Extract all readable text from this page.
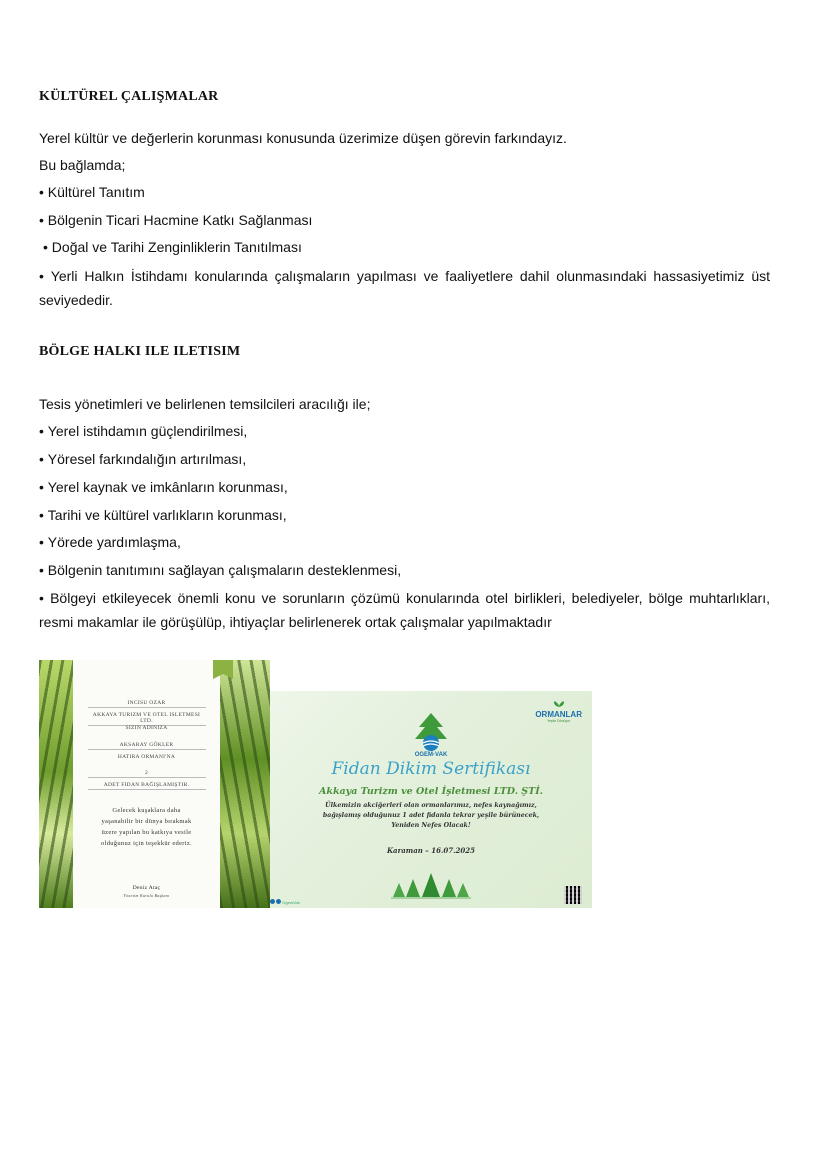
KÜLTÜREL ÇALIŞMALAR
Yerel kültür ve değerlerin korunması konusunda üzerimize düşen görevin farkındayız.
Bu bağlamda;
• Kültürel Tanıtım
• Bölgenin Ticari Hacmine Katkı Sağlanması
• Doğal ve Tarihi Zenginliklerin Tanıtılması
• Yerli Halkın İstihdamı konularında çalışmaların yapılması ve faaliyetlere dahil olunmasındaki hassasiyetimiz üst seviyededir.
BÖLGE HALKI ILE ILETISIM
Tesis yönetimleri ve belirlenen temsilcileri aracılığı ile;
• Yerel istihdamın güçlendirilmesi,
• Yöresel farkındalığın artırılması,
• Yerel kaynak ve imkânların korunması,
• Tarihi ve kültürel varlıkların korunması,
• Yörede yardımlaşma,
• Bölgenin tanıtımını sağlayan çalışmaların desteklenmesi,
• Bölgeyi etkileyecek önemli konu ve sorunların çözümü konularında otel birlikleri, belediyeler, bölge muhtarlıkları, resmi makamlar ile görüşülüp, ihtiyaçlar belirlenerek ortak çalışmalar yapılmaktadır
INCISU OZAR
AKKAYA TURIZM VE OTEL ISLETMESI LTD.
SIZIN ADINIZA
AKSARAY GÖKLER
HATIRA ORMANI'NA
2
ADET FIDAN BAĞIŞLAMIŞTIR.
Gelecek kuşaklara daha
yaşanabilir bir dünya bırakmak
üzere yapılan bu katkıya vesile
olduğunuz için teşekkür ederiz.
Deniz Ataç
Yönetim Kurulu Başkanı
ORMANLAR
Yeşile Dönüyor
OGEM-VAK
Fidan Dikim Sertifikası
Akkaya Turizm ve Otel İşletmesi LTD. ŞTİ.
Ülkemizin akciğerleri olan ormanlarımız, nefes kaynağımız,
bağışlamış olduğunuz 1 adet fidanla tekrar yeşile bürünecek,
Yeniden Nefes Olacak!
Karaman – 16.07.2025
OgemVak
